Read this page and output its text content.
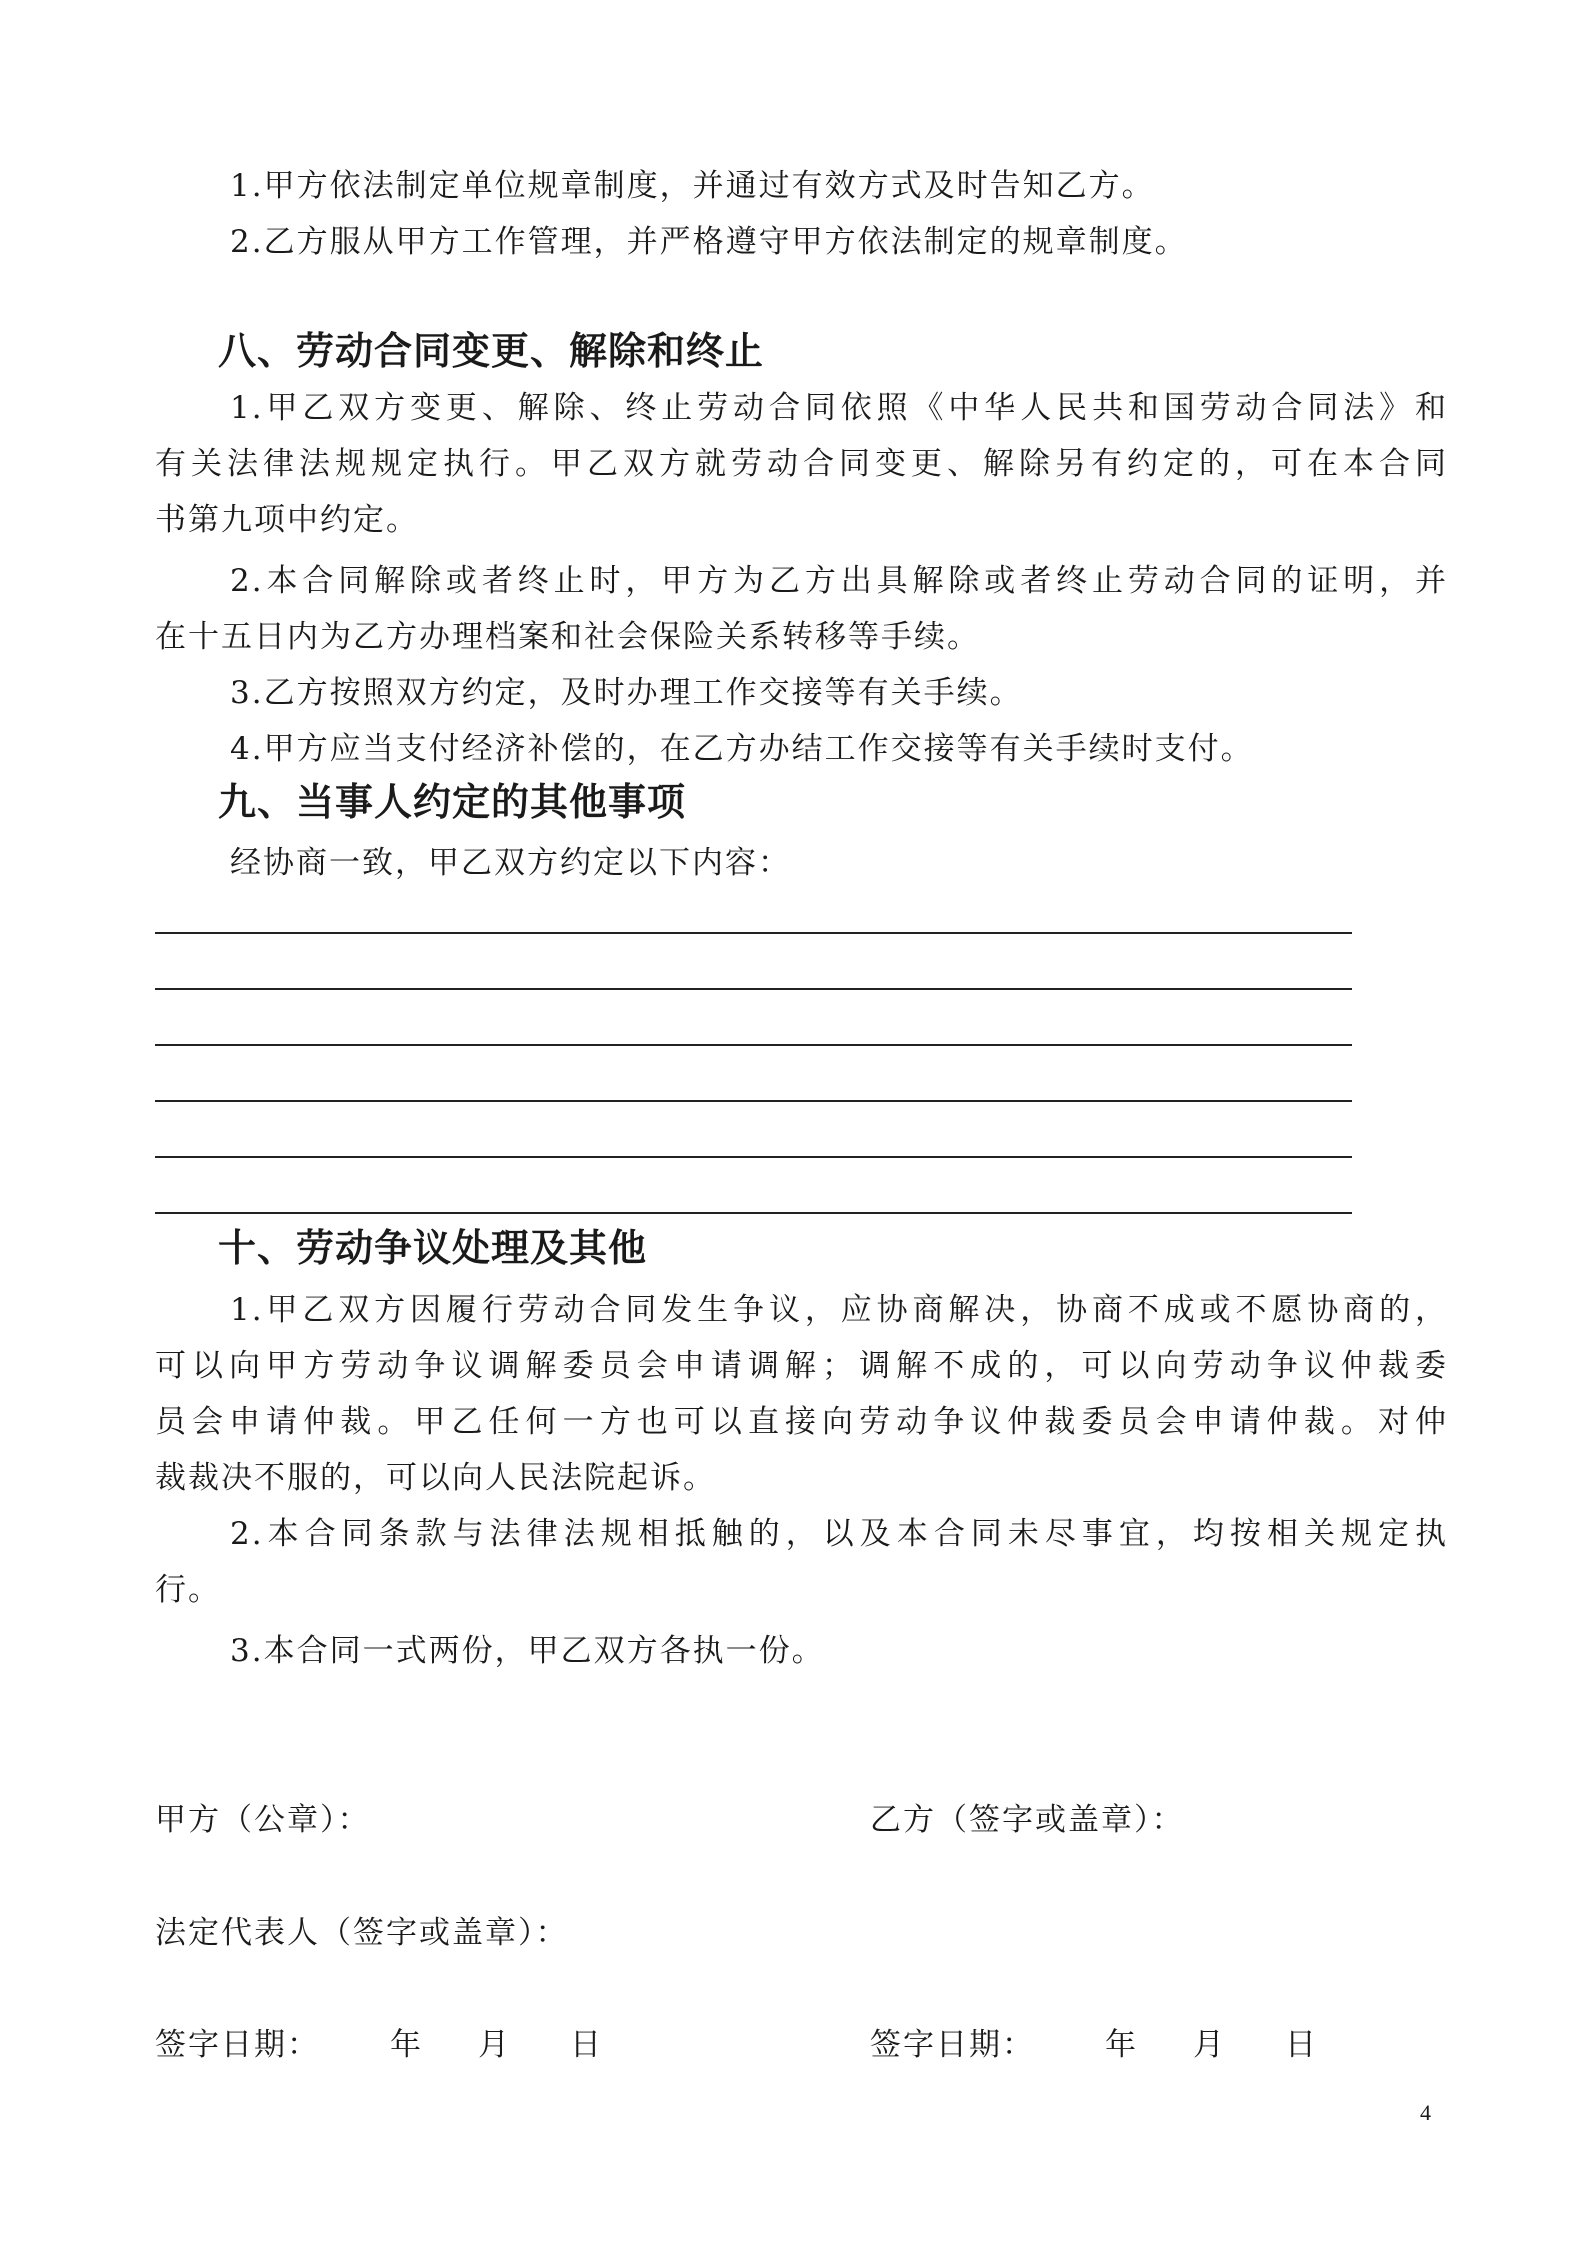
1.甲方依法制定单位规章制度，并通过有效方式及时告知乙方。
2.乙方服从甲方工作管理，并严格遵守甲方依法制定的规章制度。
八、劳动合同变更、解除和终止
1.甲乙双方变更、解除、终止劳动合同依照《中华人民共和国劳动合同法》和
有关法律法规规定执行。甲乙双方就劳动合同变更、解除另有约定的，可在本合同
书第九项中约定。
2.本合同解除或者终止时，甲方为乙方出具解除或者终止劳动合同的证明，并
在十五日内为乙方办理档案和社会保险关系转移等手续。
3.乙方按照双方约定，及时办理工作交接等有关手续。
4.甲方应当支付经济补偿的，在乙方办结工作交接等有关手续时支付。
九、当事人约定的其他事项
经协商一致，甲乙双方约定以下内容：
十、劳动争议处理及其他
1.甲乙双方因履行劳动合同发生争议，应协商解决，协商不成或不愿协商的，
可以向甲方劳动争议调解委员会申请调解；调解不成的，可以向劳动争议仲裁委
员会申请仲裁。甲乙任何一方也可以直接向劳动争议仲裁委员会申请仲裁。对仲
裁裁决不服的，可以向人民法院起诉。
2.本合同条款与法律法规相抵触的，以及本合同未尽事宜，均按相关规定执
行。
3.本合同一式两份，甲乙双方各执一份。
甲方（公章）：	乙方（签字或盖章）：
法定代表人（签字或盖章）：
签字日期： 年 月 日	签字日期： 年 月 日
4
